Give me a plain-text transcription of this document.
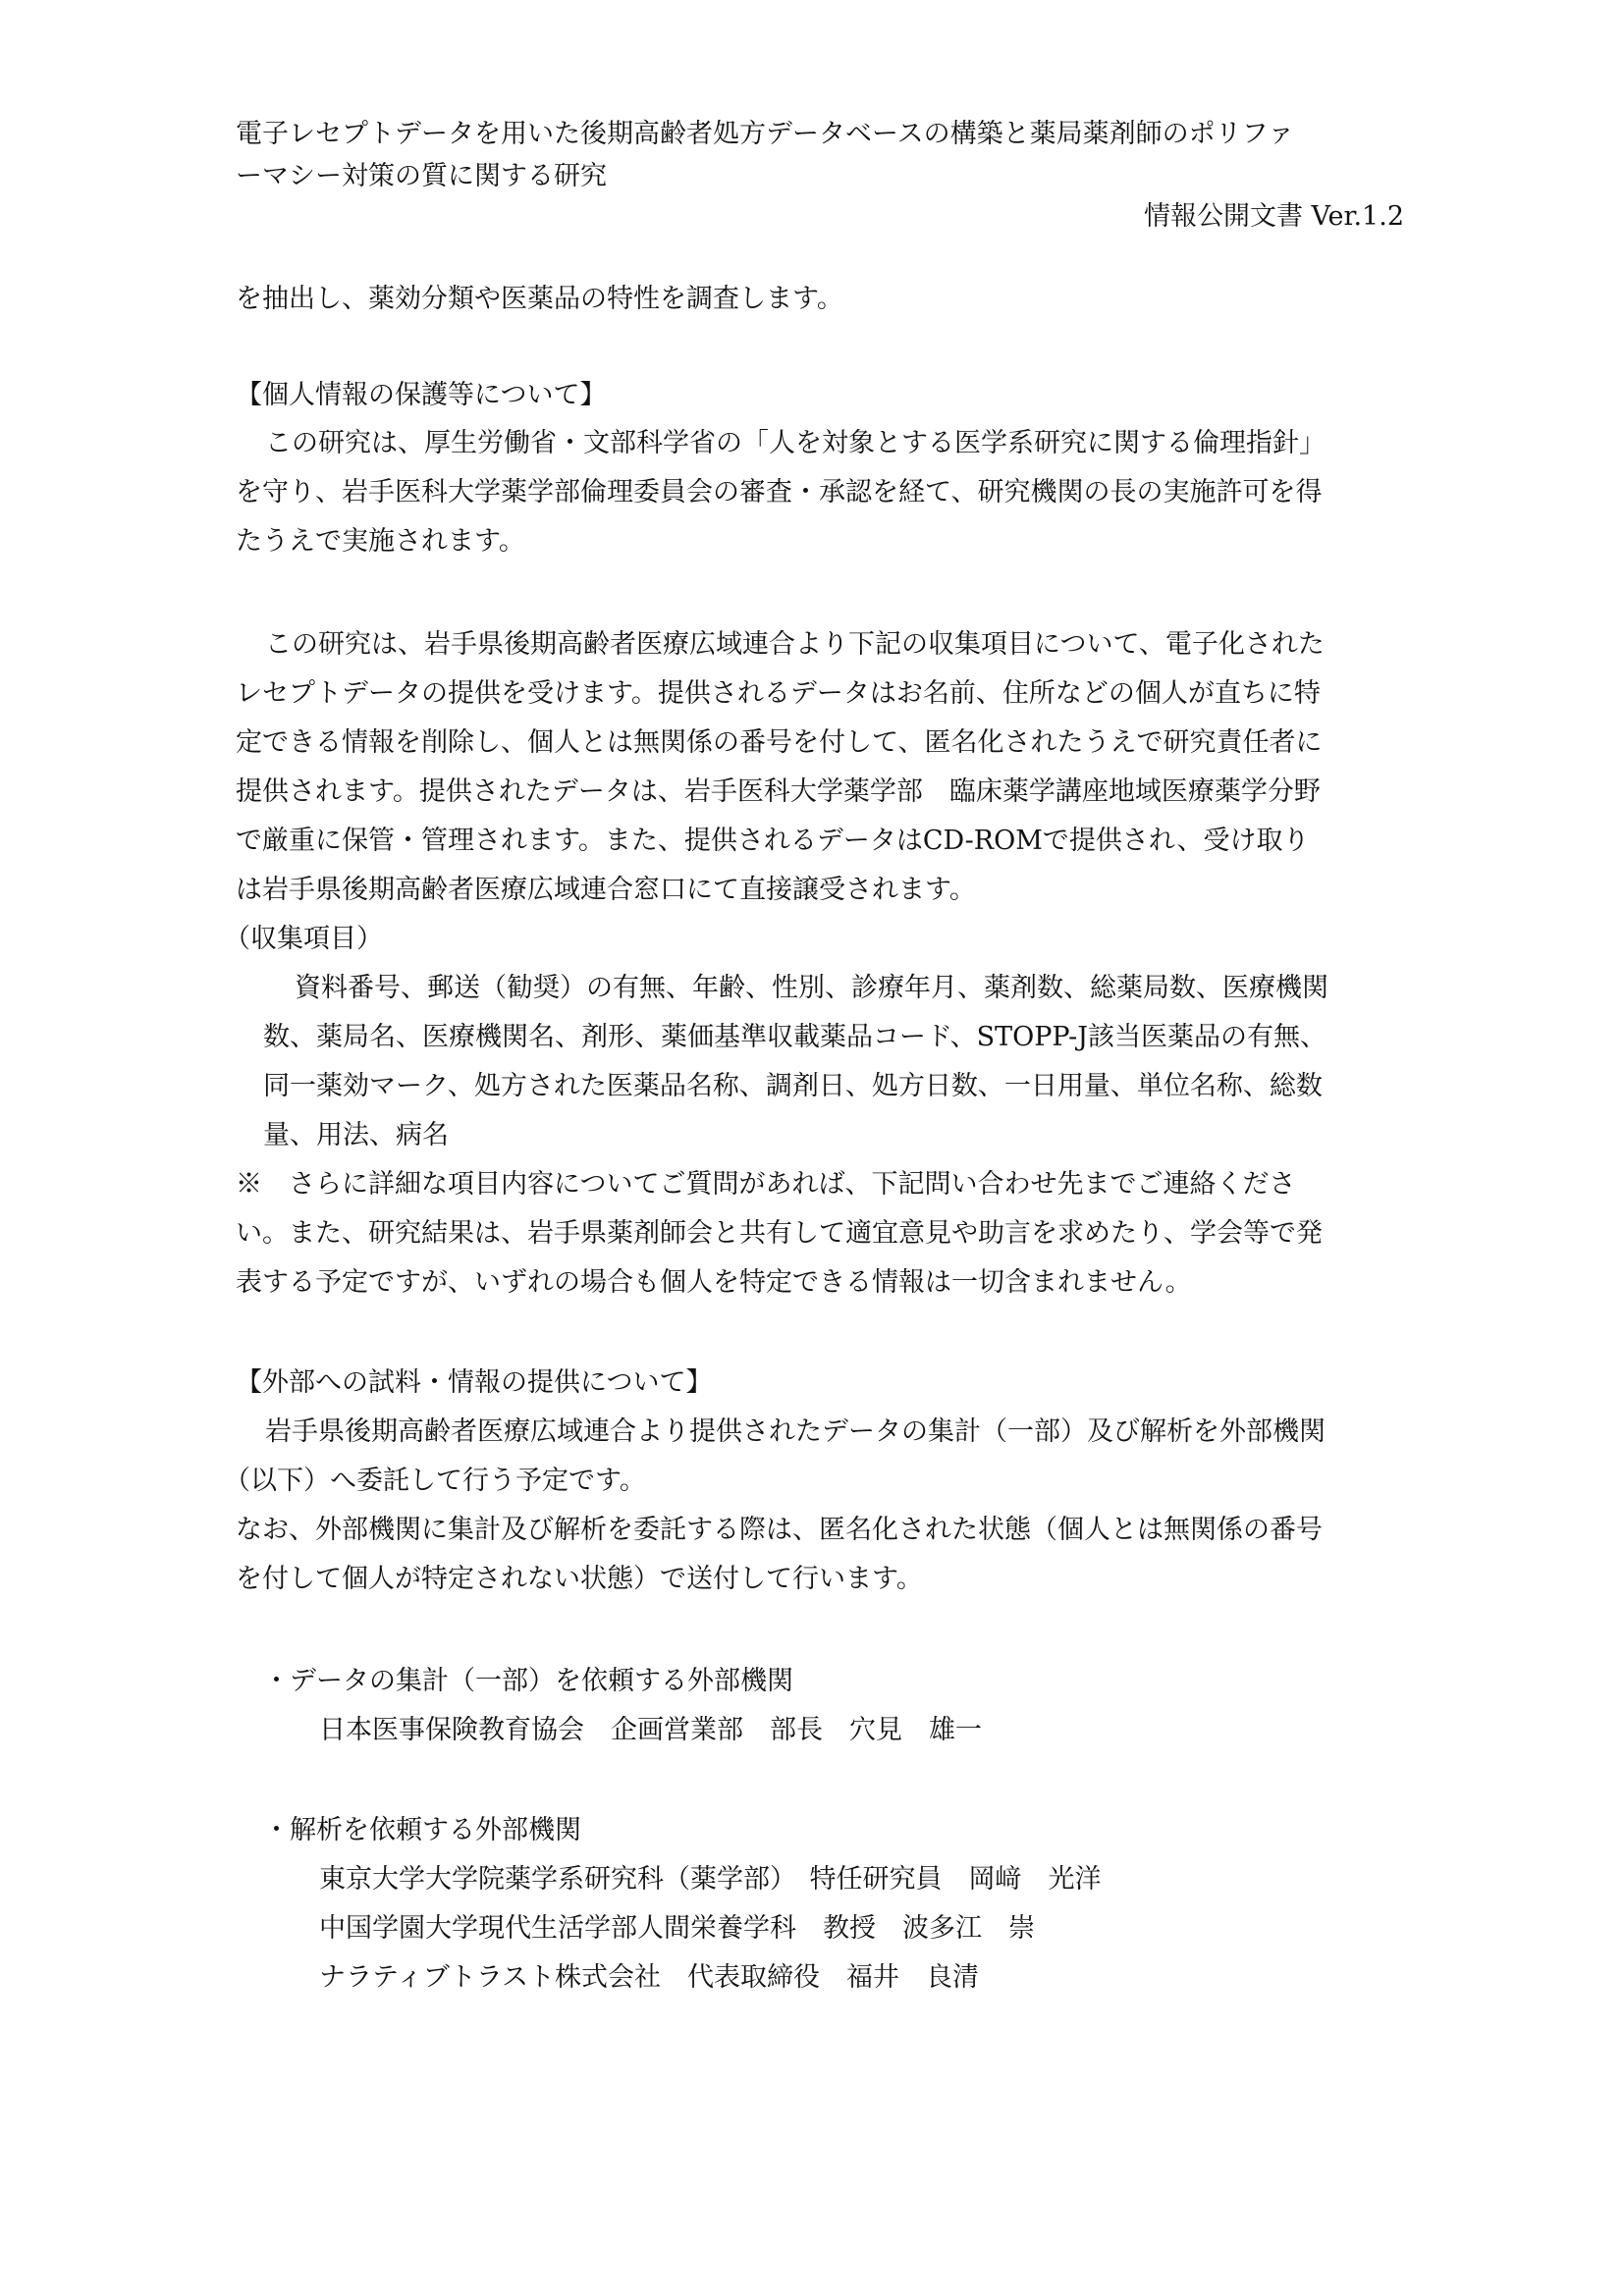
電子レセプトデータを用いた後期高齢者処方データベースの構築と薬局薬剤師のポリファ

ーマシー対策の質に関する研究

情報公開文書 Ver.1.2

を抽出し、薬効分類や医薬品の特性を調査します。

【個人情報の保護等について】

この研究は、厚生労働省・文部科学省の「人を対象とする医学系研究に関する倫理指針」

を守り、岩手医科大学薬学部倫理委員会の審査・承認を経て、研究機関の長の実施許可を得

たうえで実施されます。

この研究は、岩手県後期高齢者医療広域連合より下記の収集項目について、電子化された

レセプトデータの提供を受けます。提供されるデータはお名前、住所などの個人が直ちに特

定できる情報を削除し、個人とは無関係の番号を付して、匿名化されたうえで研究責任者に

提供されます。提供されたデータは、岩手医科大学薬学部　臨床薬学講座地域医療薬学分野

で厳重に保管・管理されます。また、提供されるデータはCD-ROMで提供され、受け取り

は岩手県後期高齢者医療広域連合窓口にて直接譲受されます。

（収集項目）

資料番号、郵送（勧奨）の有無、年齢、性別、診療年月、薬剤数、総薬局数、医療機関

数、薬局名、医療機関名、剤形、薬価基準収載薬品コード、STOPP-J該当医薬品の有無、

同一薬効マーク、処方された医薬品名称、調剤日、処方日数、一日用量、単位名称、総数

量、用法、病名

※　さらに詳細な項目内容についてご質問があれば、下記問い合わせ先までご連絡くださ

い。また、研究結果は、岩手県薬剤師会と共有して適宜意見や助言を求めたり、学会等で発

表する予定ですが、いずれの場合も個人を特定できる情報は一切含まれません。

【外部への試料・情報の提供について】

岩手県後期高齢者医療広域連合より提供されたデータの集計（一部）及び解析を外部機関

（以下）へ委託して行う予定です。

なお、外部機関に集計及び解析を委託する際は、匿名化された状態（個人とは無関係の番号

を付して個人が特定されない状態）で送付して行います。

・データの集計（一部）を依頼する外部機関

日本医事保険教育協会　企画営業部　部長　穴見　雄一

・解析を依頼する外部機関

東京大学大学院薬学系研究科（薬学部）　特任研究員　岡﨑　光洋

中国学園大学現代生活学部人間栄養学科　教授　波多江　崇

ナラティブトラスト株式会社　代表取締役　福井　良清
